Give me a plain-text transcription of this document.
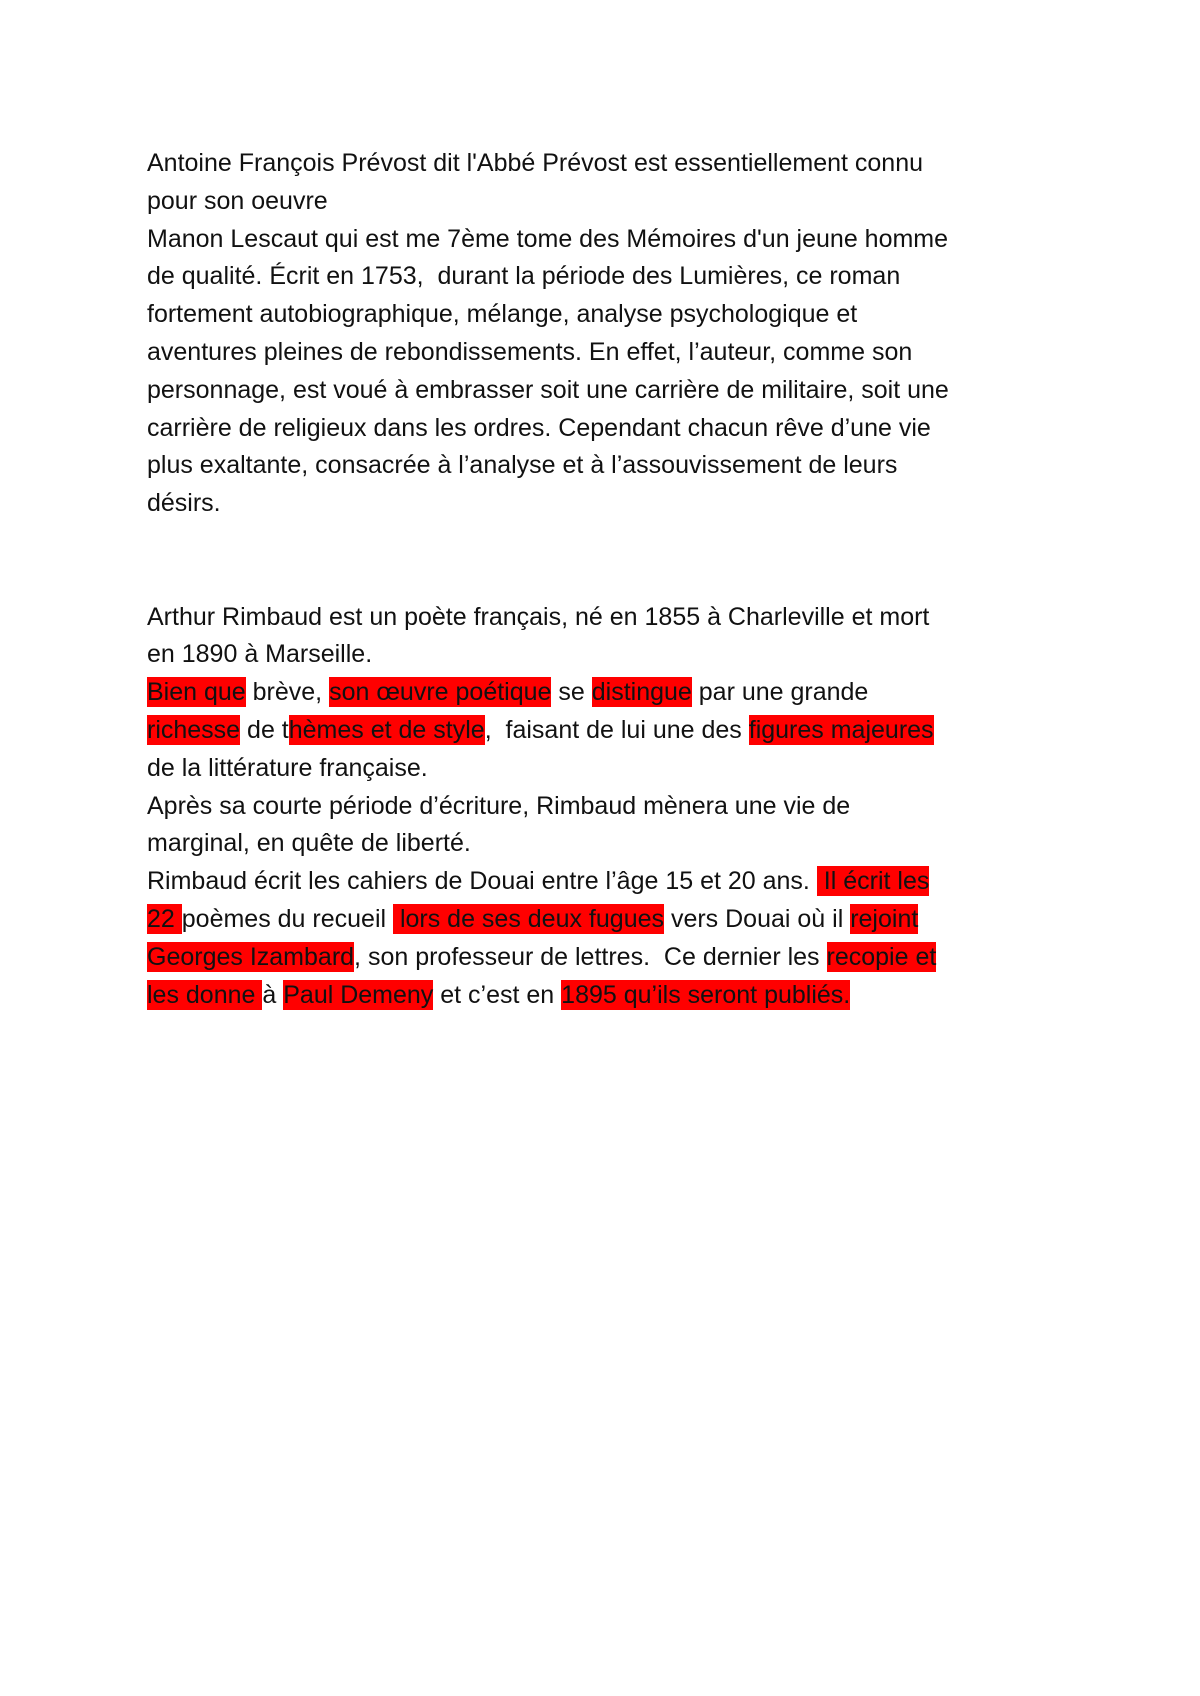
Antoine François Prévost dit l'Abbé Prévost est essentiellement connu
pour son oeuvre
Manon Lescaut qui est me 7ème tome des Mémoires d'un jeune homme
de qualité. Écrit en 1753,  durant la période des Lumières, ce roman
fortement autobiographique, mélange, analyse psychologique et
aventures pleines de rebondissements. En effet, l’auteur, comme son
personnage, est voué à embrasser soit une carrière de militaire, soit une
carrière de religieux dans les ordres. Cependant chacun rêve d’une vie
plus exaltante, consacrée à l’analyse et à l’assouvissement de leurs
désirs.
Arthur Rimbaud est un poète français, né en 1855 à Charleville et mort
en 1890 à Marseille.
Bien que brève, son œuvre poétique se distingue par une grande
richesse de thèmes et de style,  faisant de lui une des figures majeures
de la littérature française.
Après sa courte période d’écriture, Rimbaud mènera une vie de
marginal, en quête de liberté.
Rimbaud écrit les cahiers de Douai entre l’âge 15 et 20 ans.  Il écrit les
22 poèmes du recueil  lors de ses deux fugues vers Douai où il rejoint
Georges Izambard, son professeur de lettres.  Ce dernier les recopie et
les donne à Paul Demeny et c’est en 1895 qu’ils seront publiés.
